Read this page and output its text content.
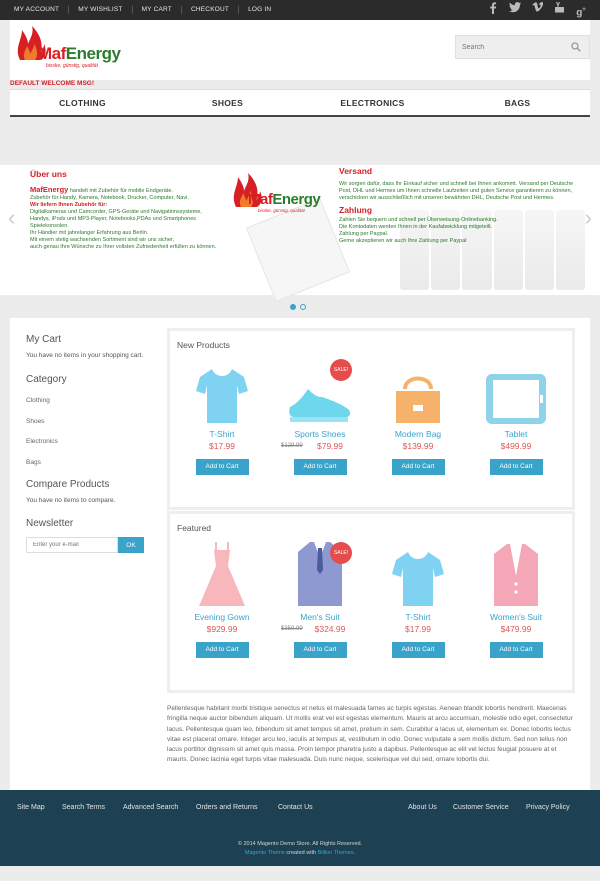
MY ACCOUNT	MY WISHLIST	MY CART	CHECKOUT	LOG IN	g+
MafEnergy
bisske, günstig, qualität
Search
DEFAULT WELCOME MSG!
CLOTHING	SHOES	ELECTRONICS	BAGS
‹	›
Über uns
MafEnergy handelt mit Zubehör für mobile Endgeräte.
Zubehör für Handy, Kamera, Notebook, Drucker, Computer, Navi.
Wir liefern Ihnen Zubehör für:
Digitalkameras und Camcorder, GPS-Geräte und Navigationssysteme,
Handys, iPods und MP3-Player, Notebooks,PDAs und Smartphones
Spielekonsolen.
Ihr Händler mit jahrelanger Erfahrung aus Berlin.
Mit einem stetig wachsenden Sortiment sind wir uns sicher,
auch genau Ihre Wünsche zu Ihrer vollsten Zufriedenheit erfüllen zu können.
MafEnergy
bisske, günstig, qualität
Versand
Wir sorgen dafür, dass Ihr Einkauf sicher und schnell bei Ihnen ankommt. Versand per Deutsche Post, DHL und Hermes um Ihnen schnelle Laufzeiten und guten Service garantieren zu können, verschicken wir ausschließlich mit unseren bewährten DHL, Deutsche Post und Hermes.
Zahlung
Zahlen Sie bequem und schnell per Überweisung-Onlinebanking.
Die Kontodaten werden Ihnen in der Kaufabwicklung mitgeteilt.
Zahlung per Paypal.
Gerne akzeptieren wir auch Ihre Zahlung per Paypal
My Cart
You have no items in your shopping cart.
Category
Clothing
Shoes
Electronics
Bags
Compare Products
You have no items to compare.
Newsletter
Enter your e-mail
OK
New Products
T-Shirt
$17.99
Add to Cart
SALE!
Sports Shoes
$129.99 $79.99
Add to Cart
Modern Bag
$139.99
Add to Cart
Tablet
$499.99
Add to Cart
Featured
Evening Gown
$929.99
Add to Cart
SALE!
Men's Suit
$359.99 $324.99
Add to Cart
T-Shirt
$17.99
Add to Cart
Women's Suit
$479.99
Add to Cart
Pellentesque habitant morbi tristique senectus et netus et malesuada fames ac turpis egestas. Aenean blandit lobortis hendrerit. Maecenas fringilla neque auctor bibendum aliquam. Ut mollis erat vel est egestas elementum. Mauris at arcu accumsan, molestie odio eget, consectetur lacus. Pellentesque quam leo, bibendum sit amet tempus sit amet, pretium in sem. Curabitur a lacus ut, elementum ex. Donec lobortis lectus vitae est placerat ornare. Integer arcu leo, iaculis at tempus at, vestibulum in odio. Donec vulputate a sem mollis dictum. Sed non tellus non lacus porttitor dignissim sit amet quis massa. Proin tempor pharetra justo a dapibus. Pellentesque ac elit vel lectus feugiat posuere at et mauris. Donec lacinia eget turpis vitae malesuada. Duis nunc neque, scelerisque vel dui sed, ornare lobortis dui.
Site Map Search Terms	Advanced Search	Orders and Returns	Contact Us	About Us Customer Service Privacy Policy
© 2014 Magento Demo Store. All Rights Reserved.
Magento Theme created with Billion Themes.
